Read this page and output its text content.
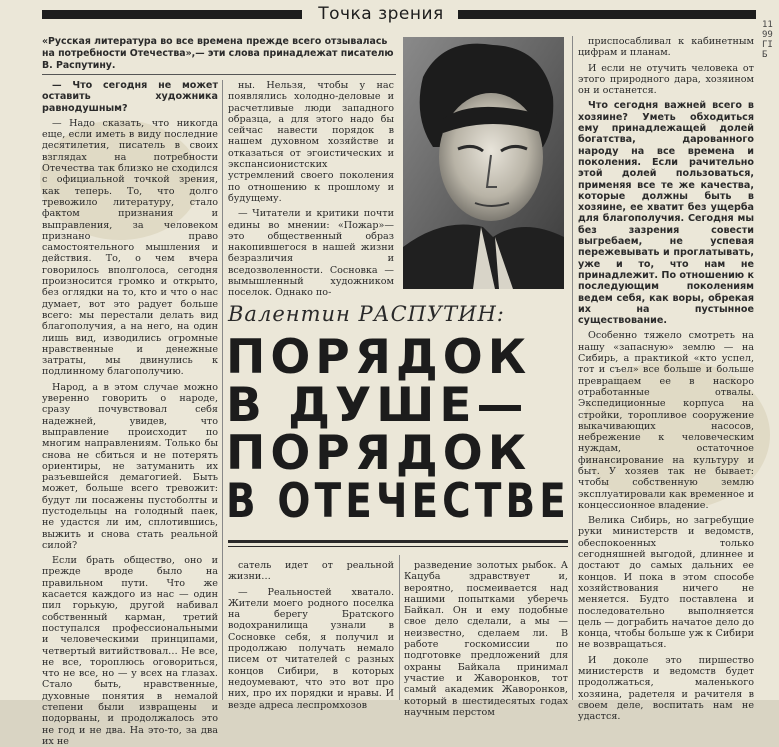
Точка зрения
11
99
ГI
Б
«Русская литература во все времена прежде всего отзывалась на потребности Отечества»,— эти слова принадлежат писателю В. Распутину.

— Что сегодня не может оставить художника равнодушным?

— Надо сказать, что никогда еще, если иметь в виду последние десятилетия, писатель в своих взглядах на потребности Отечества так близко не сходился с официальной точкой зрения, как теперь. То, что долго тревожило литературу, стало фактом признания и выправления, за человеком признано право самостоятельного мышления и действия. То, о чем вчера говорилось вполголоса, сегодня произносится громко и открыто, без оглядки на то, кто и что о нас думает, вот это радует больше всего: мы перестали делать вид благополучия, а на него, на один лишь вид, изводились огромные нравственные и денежные затраты, мы двинулись к подлинному благополучию.

Народ, а в этом случае можно уверенно говорить о народе, сразу почувствовал себя надежней, увидев, что выправление происходит по многим направлениям. Только бы снова не сбиться и не потерять ориентиры, не затуманить их разъевшейся демагогией. Быть может, больше всего тревожит: будут ли посажены пустоболты и пустодельцы на голодный паек, не удастся ли им, сплотившись, выжить и снова стать реальной силой?

Если брать общество, оно и прежде вроде было на правильном пути. Что же касается каждого из нас — один пил горькую, другой набивал собственный карман, третий поступался профессиональными и человеческими принципами, четвертый витийствовал… Не все, не все, тороплюсь оговориться, что не все, но — у всех на глазах. Стало быть, нравственные, духовные понятия в немалой степени были извращены и подорваны, и продолжалось это не год и не два. На это-то, за два их не

ны. Нельзя, чтобы у нас появлялись холодно-деловые и расчетливые люди западного образца, а для этого надо бы сейчас навести порядок в нашем духовном хозяйстве и отказаться от эгоистических и экспансионистских устремлений своего поколения по отношению к прошлому и будущему.

— Читатели и критики почти едины во мнении: «Пожар»— это общественный образ накопившегося в нашей жизни безразличия и вседозволенности. Сосновка — вымышленный художником поселок. Однако по-

Валентин РАСПУТИН:
ПОРЯДОК
В ДУШЕ—
ПОРЯДОК
В ОТЕЧЕСТВЕ

сатель идет от реальной жизни…

— Реальностей хватало. Жители моего родного поселка на берегу Братского водохранилища узнали в Сосновке себя, я получил и продолжаю получать немало писем от читателей с разных концов Сибири, в которых недоумевают, что это вот про них, про их порядки и нравы. И везде адреса леспромхозов

разведение золотых рыбок. А Кацуба здравствует и, вероятно, посмеивается над нашими попытками уберечь Байкал. Он и ему подобные свое дело сделали, а мы — неизвестно, сделаем ли. В работе госкомиссии по подготовке предложений для охраны Байкала принимал участие и Жаворонков, тот самый академик Жаворонков, который в шестидесятых годах научным перстом

приспосабливал к кабинетным цифрам и планам.

И если не отучить человека от этого природного дара, хозяином он и останется.

Что сегодня важней всего в хозяине? Уметь обходиться ему принадлежащей долей богатства, дарованного народу на все времена и поколения. Если рачительно этой долей пользоваться, применяя все те же качества, которые должны быть в хозяине, ее хватит без ущерба для благополучия. Сегодня мы без зазрения совести выгребаем, не успевая пережевывать и проглатывать, уже и то, что нам не принадлежит. По отношению к последующим поколениям ведем себя, как воры, обрекая их на пустынное существование.

Особенно тяжело смотреть на нашу «запасную» землю — на Сибирь, а практикой «кто успел, тот и съел» все больше и больше превращаем ее в наскоро отработанные отвалы. Экспедиционные корпуса на стройки, торопливое сооружение выкачивающих насосов, небрежение к человеческим нуждам, остаточное финансирование на культуру и быт. У хозяев так не бывает: чтобы собственную землю эксплуатировали как временное и концессионное владение.

Велика Сибирь, но загребущие руки министерств и ведомств, обеспокоенных только сегодняшней выгодой, длиннее и достают до самых дальних ее концов. И пока в этом способе хозяйствования ничего не меняется. Будто поставлена и последовательно выполняется цель — дограбить начатое дело до конца, чтобы больше уж к Сибири не возвращаться.

И доколе это пиршество министерств и ведомств будет продолжаться, маленького хозяина, радетеля и рачителя в своем деле, воспитать нам не удастся.
